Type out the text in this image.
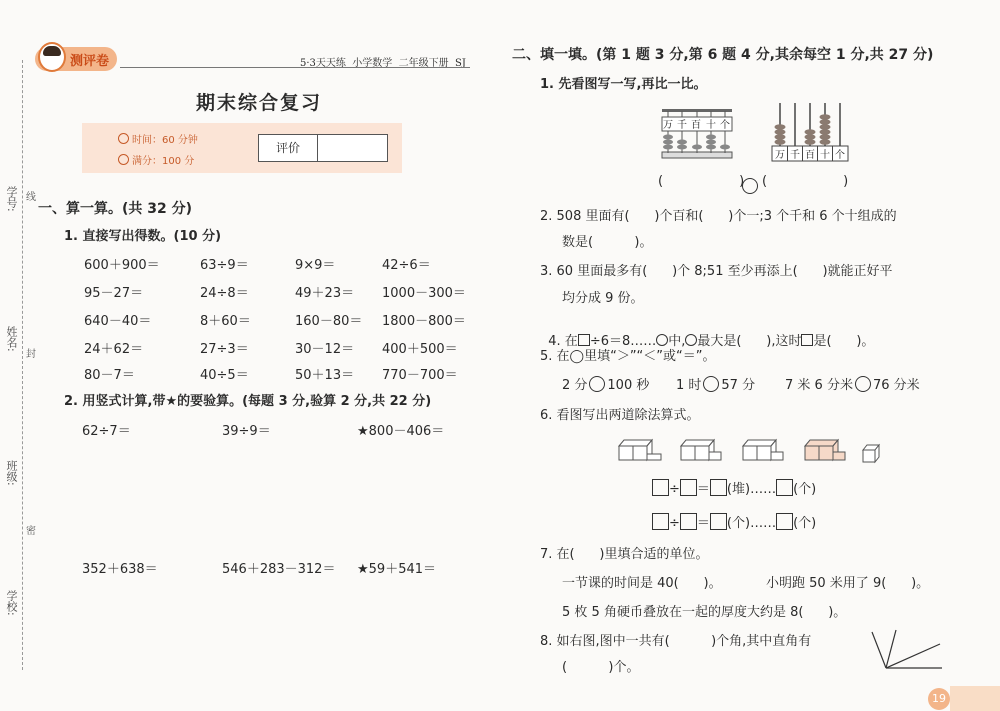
学号:
姓名:
班级:
学校:
线
封
密
测评卷	5·3天天练  小学数学  二年级下册  SJ
期末综合复习
时间：60 分钟
满分：100 分
评价
一、算一算。(共 32 分)
1. 直接写出得数。(10 分)
600＋900＝	63÷9＝	9×9＝	42÷6＝
95－27＝	24÷8＝	49＋23＝ 1000－300＝
640－40＝	8＋60＝	160－80＝ 1800－800＝
24＋62＝	27÷3＝	30－12＝ 400＋500＝
80－7＝	40÷5＝	50＋13＝ 770－700＝
2. 用竖式计算,带★的要验算。(每题 3 分,验算 2 分,共 22 分)
62÷7＝	39÷9＝	★800－406＝
352＋638＝	546＋283－312＝ ★59＋541＝
二、填一填。(第 1 题 3 分,第 6 题 4 分,其余每空 1 分,共 27 分)
1. 先看图写一写,再比一比。
万 千 百 十 个
万 千 百 十 个
(	) (	)
2. 508 里面有(      )个百和(      )个一;3 个千和 6 个十组成的
数是(          )。
3. 60 里面最多有(      )个 8;51 至少再添上(      )就能正好平
均分成 9 份。

4. 在 ÷6＝8…… 中, 最大是(      ),这时 是(      )。

5. 在◯里填“＞”“＜”或“＝”。
2 分 100 秒 1 时 57 分 7 米 6 分米 76 分米
6. 看图写出两道除法算式。
÷ ＝ (堆)…… (个)
÷ ＝ (个)…… (个)
7. 在(      )里填合适的单位。
一节课的时间是 40(      )。	小明跑 50 米用了 9(      )。
5 枚 5 角硬币叠放在一起的厚度大约是 8(      )。
8. 如右图,图中一共有(          )个角,其中直角有
(          )个。
19
